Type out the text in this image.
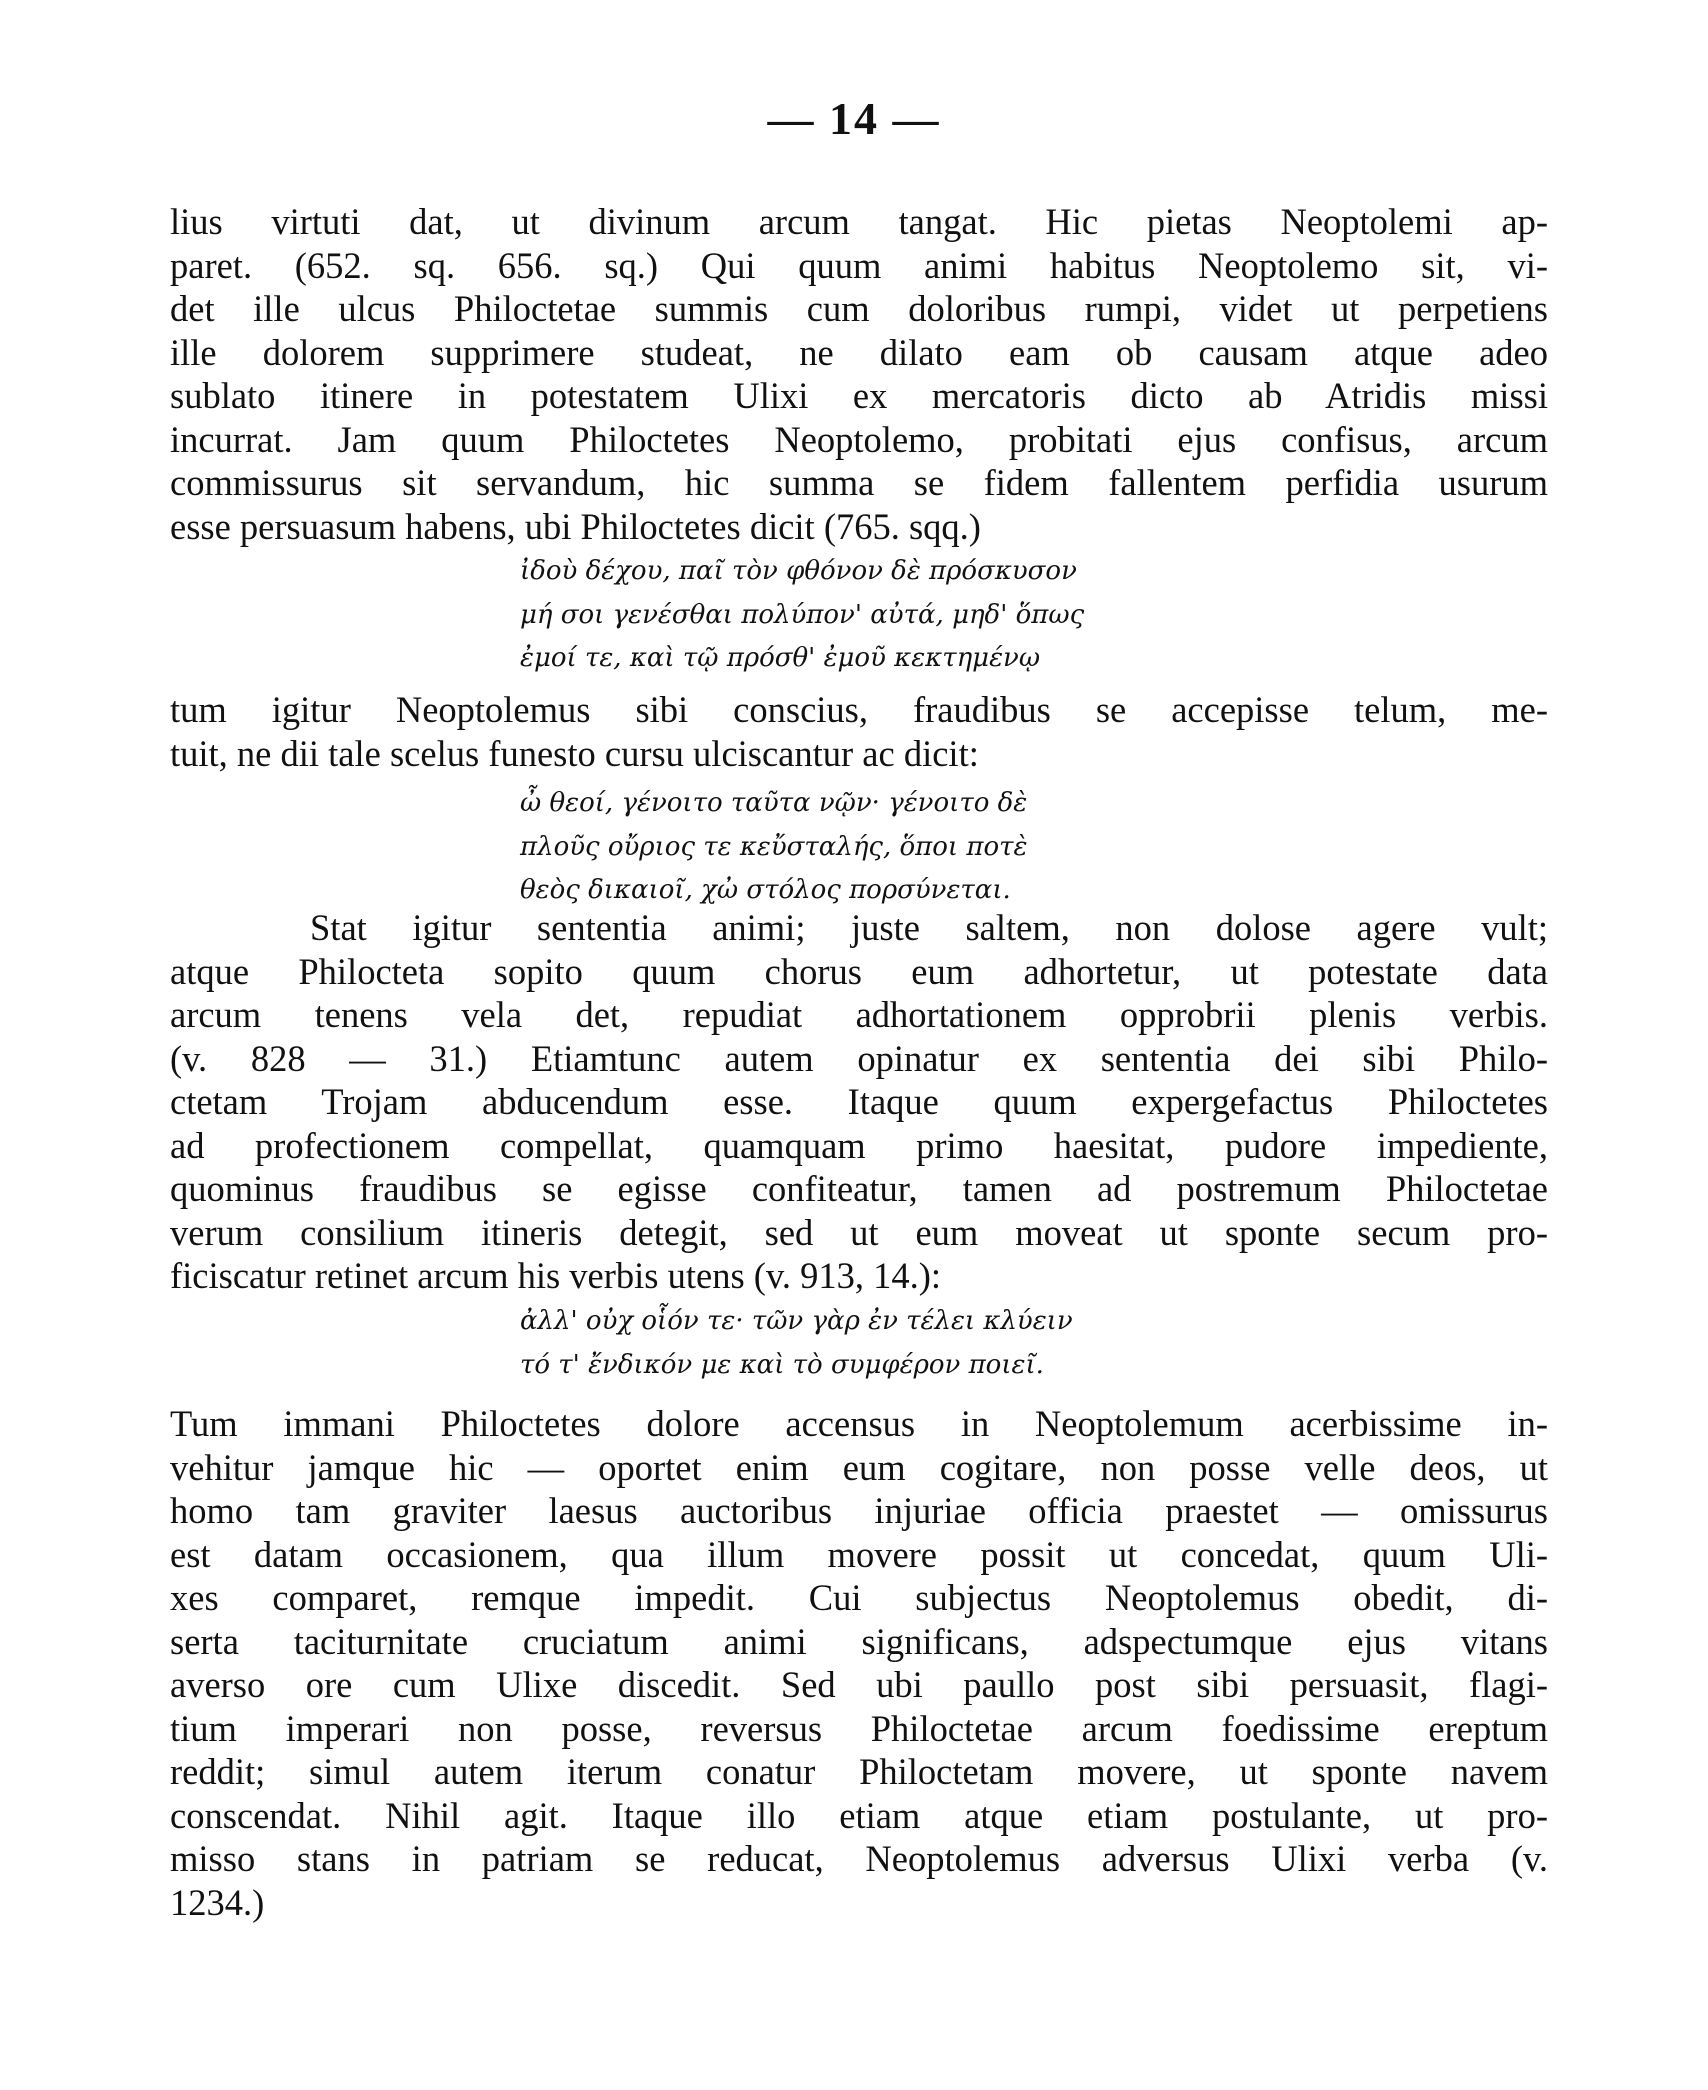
— 14 —
lius virtuti dat, ut divinum arcum tangat. Hic pietas Neoptolemi ap-
paret. (652. sq. 656. sq.) Qui quum animi habitus Neoptolemo sit, vi-
det ille ulcus Philoctetae summis cum doloribus rumpi, videt ut perpetiens
ille dolorem supprimere studeat, ne dilato eam ob causam atque adeo
sublato itinere in potestatem Ulixi ex mercatoris dicto ab Atridis missi
incurrat. Jam quum Philoctetes Neoptolemo, probitati ejus confisus, arcum
commissurus sit servandum, hic summa se fidem fallentem perfidia usurum
esse persuasum habens, ubi Philoctetes dicit (765. sqq.)
ἰδοὺ δέχου, παῖ τὸν φθόνον δὲ πρόσκυσον
μή σοι γενέσθαι πολύπον' αὐτά, μηδ' ὅπως
ἐμοί τε, καὶ τῷ πρόσθ' ἐμοῦ κεκτημένῳ
tum igitur Neoptolemus sibi conscius, fraudibus se accepisse telum, me-
tuit, ne dii tale scelus funesto cursu ulciscantur ac dicit:
ὦ θεοί, γένοιτο ταῦτα νῷν· γένοιτο δὲ
πλοῦς οὔριος τε κεὔσταλής, ὅποι ποτὲ
θεὸς δικαιοῖ, χὠ στόλος πορσύνεται.
Stat igitur sententia animi; juste saltem, non dolose agere vult;
atque Philocteta sopito quum chorus eum adhortetur, ut potestate data
arcum tenens vela det, repudiat adhortationem opprobrii plenis verbis.
(v. 828 — 31.) Etiamtunc autem opinatur ex sententia dei sibi Philo-
ctetam Trojam abducendum esse. Itaque quum expergefactus Philoctetes
ad profectionem compellat, quamquam primo haesitat, pudore impediente,
quominus fraudibus se egisse confiteatur, tamen ad postremum Philoctetae
verum consilium itineris detegit, sed ut eum moveat ut sponte secum pro-
ficiscatur retinet arcum his verbis utens (v. 913, 14.):
ἀλλ' οὐχ οἷόν τε· τῶν γὰρ ἐν τέλει κλύειν
τό τ' ἔνδικόν με καὶ τὸ συμφέρον ποιεῖ.
Tum immani Philoctetes dolore accensus in Neoptolemum acerbissime in-
vehitur jamque hic — oportet enim eum cogitare, non posse velle deos, ut
homo tam graviter laesus auctoribus injuriae officia praestet — omissurus
est datam occasionem, qua illum movere possit ut concedat, quum Uli-
xes comparet, remque impedit. Cui subjectus Neoptolemus obedit, di-
serta taciturnitate cruciatum animi significans, adspectumque ejus vitans
averso ore cum Ulixe discedit. Sed ubi paullo post sibi persuasit, flagi-
tium imperari non posse, reversus Philoctetae arcum foedissime ereptum
reddit; simul autem iterum conatur Philoctetam movere, ut sponte navem
conscendat. Nihil agit. Itaque illo etiam atque etiam postulante, ut pro-
misso stans in patriam se reducat, Neoptolemus adversus Ulixi verba (v.
1234.)
